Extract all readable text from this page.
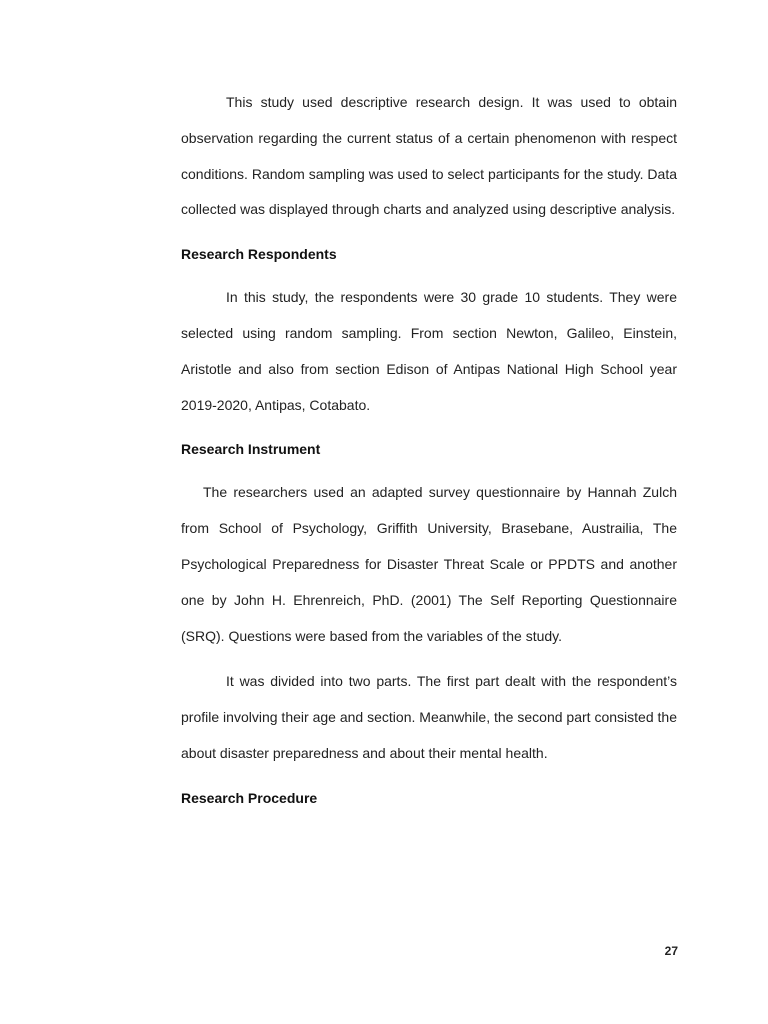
This study used descriptive research design. It was used to obtain observation regarding the current status of a certain phenomenon with respect conditions. Random sampling was used to select participants for the study. Data collected was displayed through charts and analyzed using descriptive analysis.

Research Respondents

In this study, the respondents were 30 grade 10 students. They were selected using random sampling. From section Newton, Galileo, Einstein, Aristotle and also from section Edison of Antipas National High School year 2019-2020, Antipas, Cotabato.

Research Instrument

The researchers used an adapted survey questionnaire by Hannah Zulch from School of Psychology, Griffith University, Brasebane, Austrailia, The Psychological Preparedness for Disaster Threat Scale or PPDTS and another one by John H. Ehrenreich, PhD. (2001) The Self Reporting Questionnaire (SRQ). Questions were based from the variables of the study.

It was divided into two parts. The first part dealt with the respondent’s profile involving their age and section. Meanwhile, the second part consisted the about disaster preparedness and about their mental health.

Research Procedure

27
